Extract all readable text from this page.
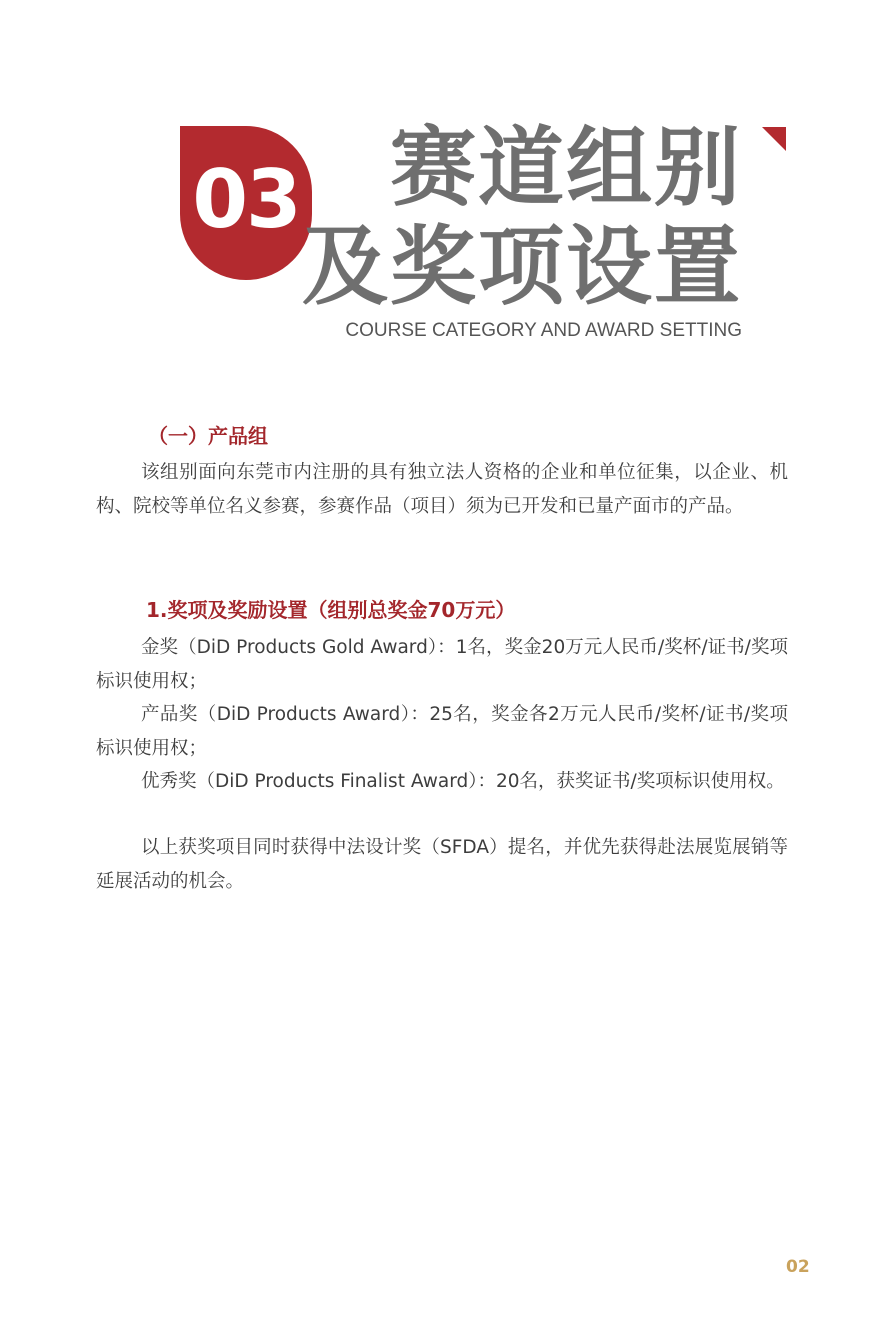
03 赛道组别
及奖项设置
COURSE CATEGORY AND AWARD SETTING
（一）产品组
该组别面向东莞市内注册的具有独立法人资格的企业和单位征集，以企业、机构、院校等单位名义参赛，参赛作品（项目）须为已开发和已量产面市的产品。
1.奖项及奖励设置（组别总奖金70万元）
金奖（DiD Products Gold Award）：1名，奖金20万元人民币/奖杯/证书/奖项标识使用权；
产品奖（DiD Products Award）：25名，奖金各2万元人民币/奖杯/证书/奖项标识使用权；
优秀奖（DiD Products Finalist Award）：20名，获奖证书/奖项标识使用权。
以上获奖项目同时获得中法设计奖（SFDA）提名，并优先获得赴法展览展销等延展活动的机会。
02
